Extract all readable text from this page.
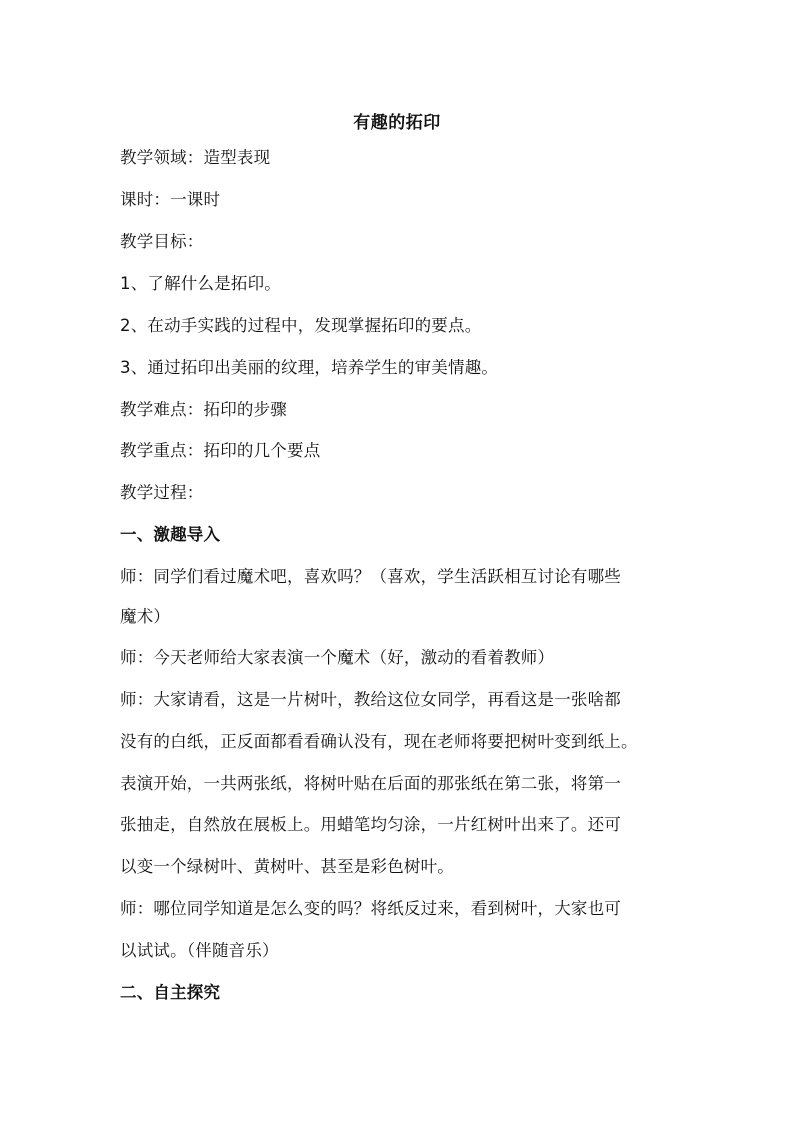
有趣的拓印
教学领域：造型表现
课时：一课时
教学目标：
1、了解什么是拓印。
2、在动手实践的过程中，发现掌握拓印的要点。
3、通过拓印出美丽的纹理，培养学生的审美情趣。
教学难点：拓印的步骤
教学重点：拓印的几个要点
教学过程：
一、激趣导入
师：同学们看过魔术吧，喜欢吗？（喜欢，学生活跃相互讨论有哪些
魔术）
师：今天老师给大家表演一个魔术（好，激动的看着教师）
师：大家请看，这是一片树叶，教给这位女同学，再看这是一张啥都
没有的白纸，正反面都看看确认没有，现在老师将要把树叶变到纸上。
表演开始，一共两张纸，将树叶贴在后面的那张纸在第二张，将第一
张抽走，自然放在展板上。用蜡笔均匀涂，一片红树叶出来了。还可
以变一个绿树叶、黄树叶、甚至是彩色树叶。
师：哪位同学知道是怎么变的吗？将纸反过来，看到树叶，大家也可
以试试。（伴随音乐）
二、自主探究
